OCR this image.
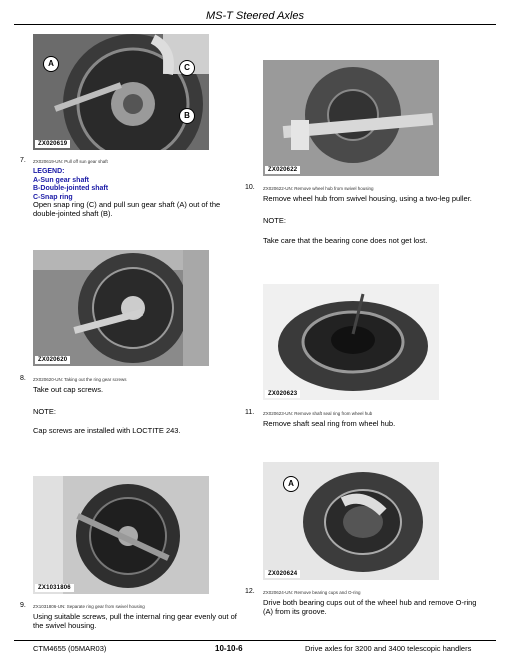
MS-T Steered Axles
A	C
B
ZX020619
7. ZX020619-UN: Pull off sun gear shaft
LEGEND:
A-Sun gear shaft
B-Double-jointed shaft
C-Snap ring
Open snap ring (C) and pull sun gear shaft (A) out of the double-jointed shaft (B).
ZX020620
8. ZX020620-UN: Taking out the ring gear screws
Take out cap screws.
NOTE:
Cap screws are installed with LOCTITE 243.
ZX1031806
9. ZX1031806-UN: Separate ring gear from swivel housing
Using suitable screws, pull the internal ring gear evenly out of the swivel housing.
ZX020622
10. ZX020622-UN: Remove wheel hub from swivel housing
Remove wheel hub from swivel housing, using a two-leg puller.
NOTE:
Take care that the bearing cone does not get lost.
ZX020623
11. ZX020623-UN: Remove shaft seal ring from wheel hub
Remove shaft seal ring from wheel hub.
A
ZX020624
12. ZX020624-UN: Remove bearing cups and O-ring
Drive both bearing cups out of the wheel hub and remove O-ring (A) from its groove.
CTM4655 (05MAR03)	10-10-6	Drive axles for 3200 and 3400 telescopic handlers
